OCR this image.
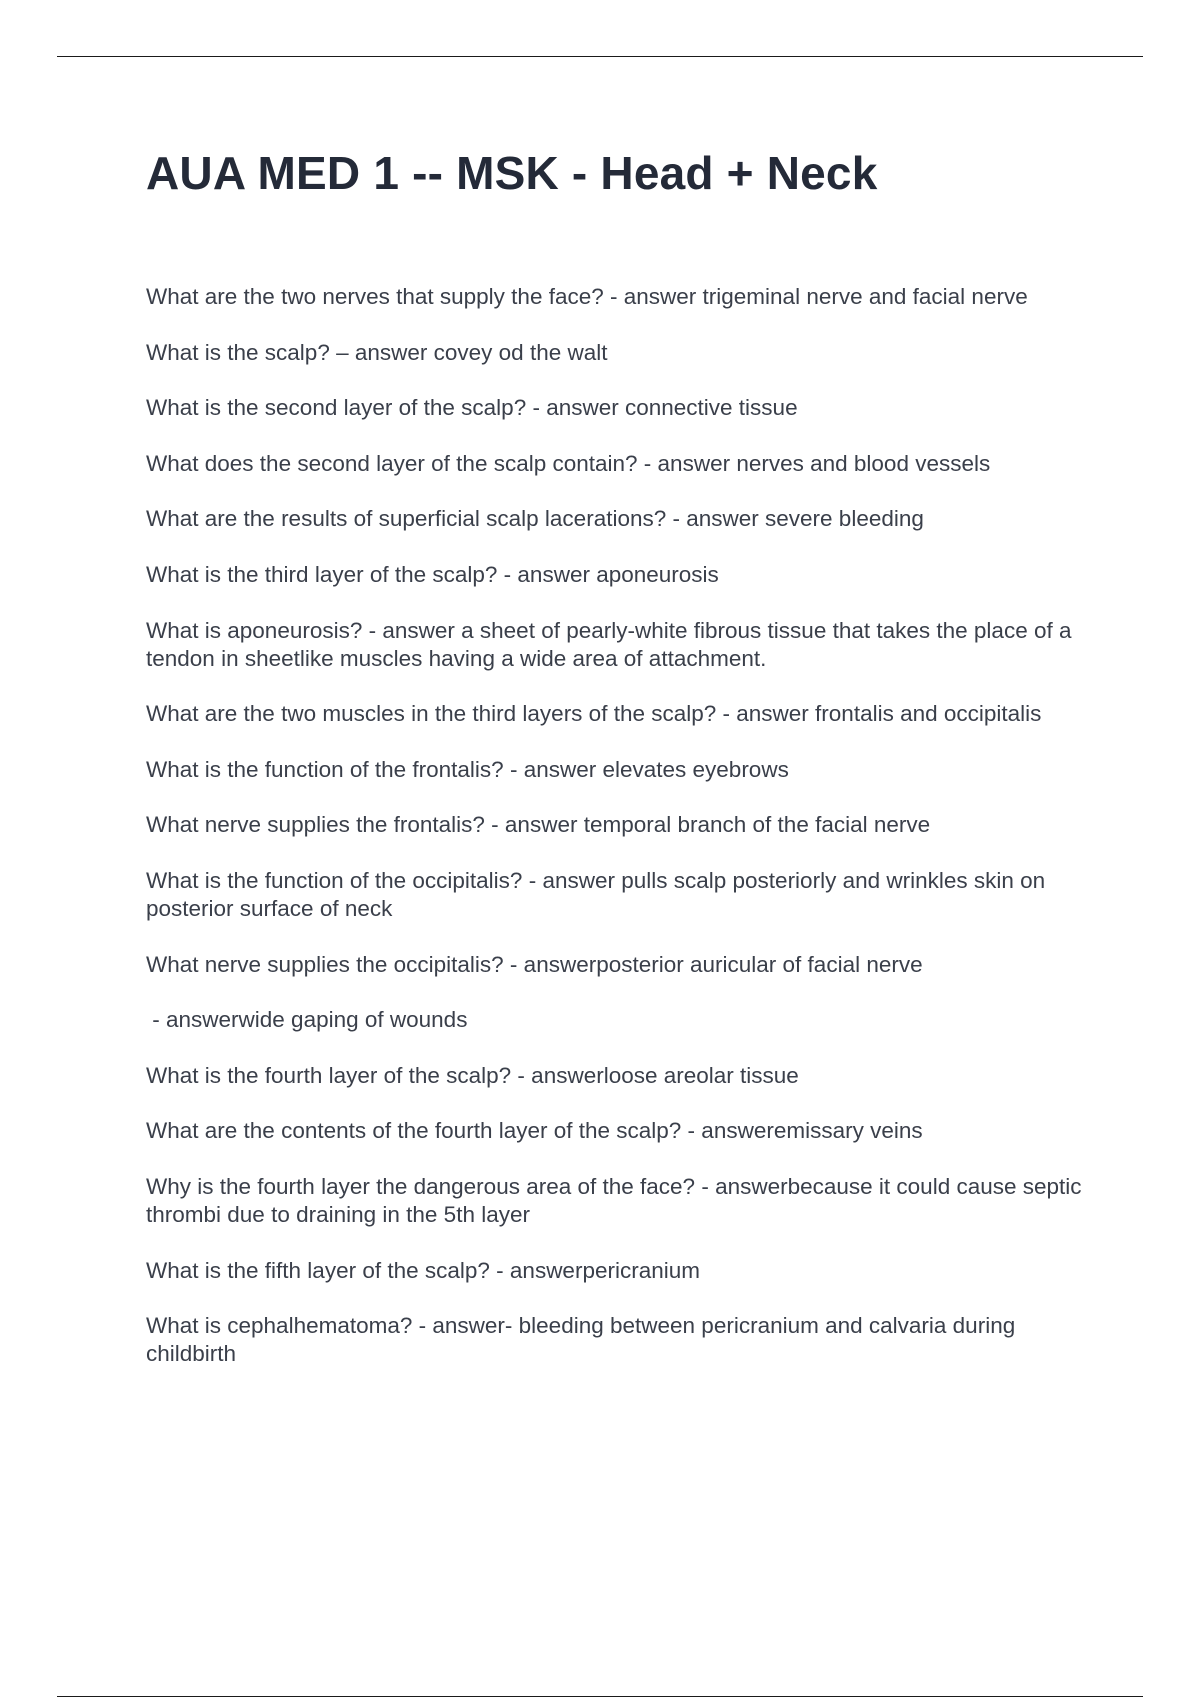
AUA MED 1 -- MSK - Head + Neck
What are the two nerves that supply the face? - answer trigeminal nerve and facial nerve
What is the scalp? – answer covey od the walt
What is the second layer of the scalp? - answer connective tissue
What does the second layer of the scalp contain? - answer nerves and blood vessels
What are the results of superficial scalp lacerations? - answer severe bleeding
What is the third layer of the scalp? - answer aponeurosis
What is aponeurosis? - answer a sheet of pearly-white fibrous tissue that takes the place of a tendon in sheetlike muscles having a wide area of attachment.
What are the two muscles in the third layers of the scalp? - answer frontalis and occipitalis
What is the function of the frontalis? - answer elevates eyebrows
What nerve supplies the frontalis? - answer temporal branch of the facial nerve
What is the function of the occipitalis? - answer pulls scalp posteriorly and wrinkles skin on posterior surface of neck
What nerve supplies the occipitalis? - answerposterior auricular of facial nerve
- answerwide gaping of wounds
What is the fourth layer of the scalp? - answerloose areolar tissue
What are the contents of the fourth layer of the scalp? - answeremissary veins
Why is the fourth layer the dangerous area of the face? - answerbecause it could cause septic thrombi due to draining in the 5th layer
What is the fifth layer of the scalp? - answerpericranium
What is cephalhematoma? - answer- bleeding between pericranium and calvaria during childbirth
